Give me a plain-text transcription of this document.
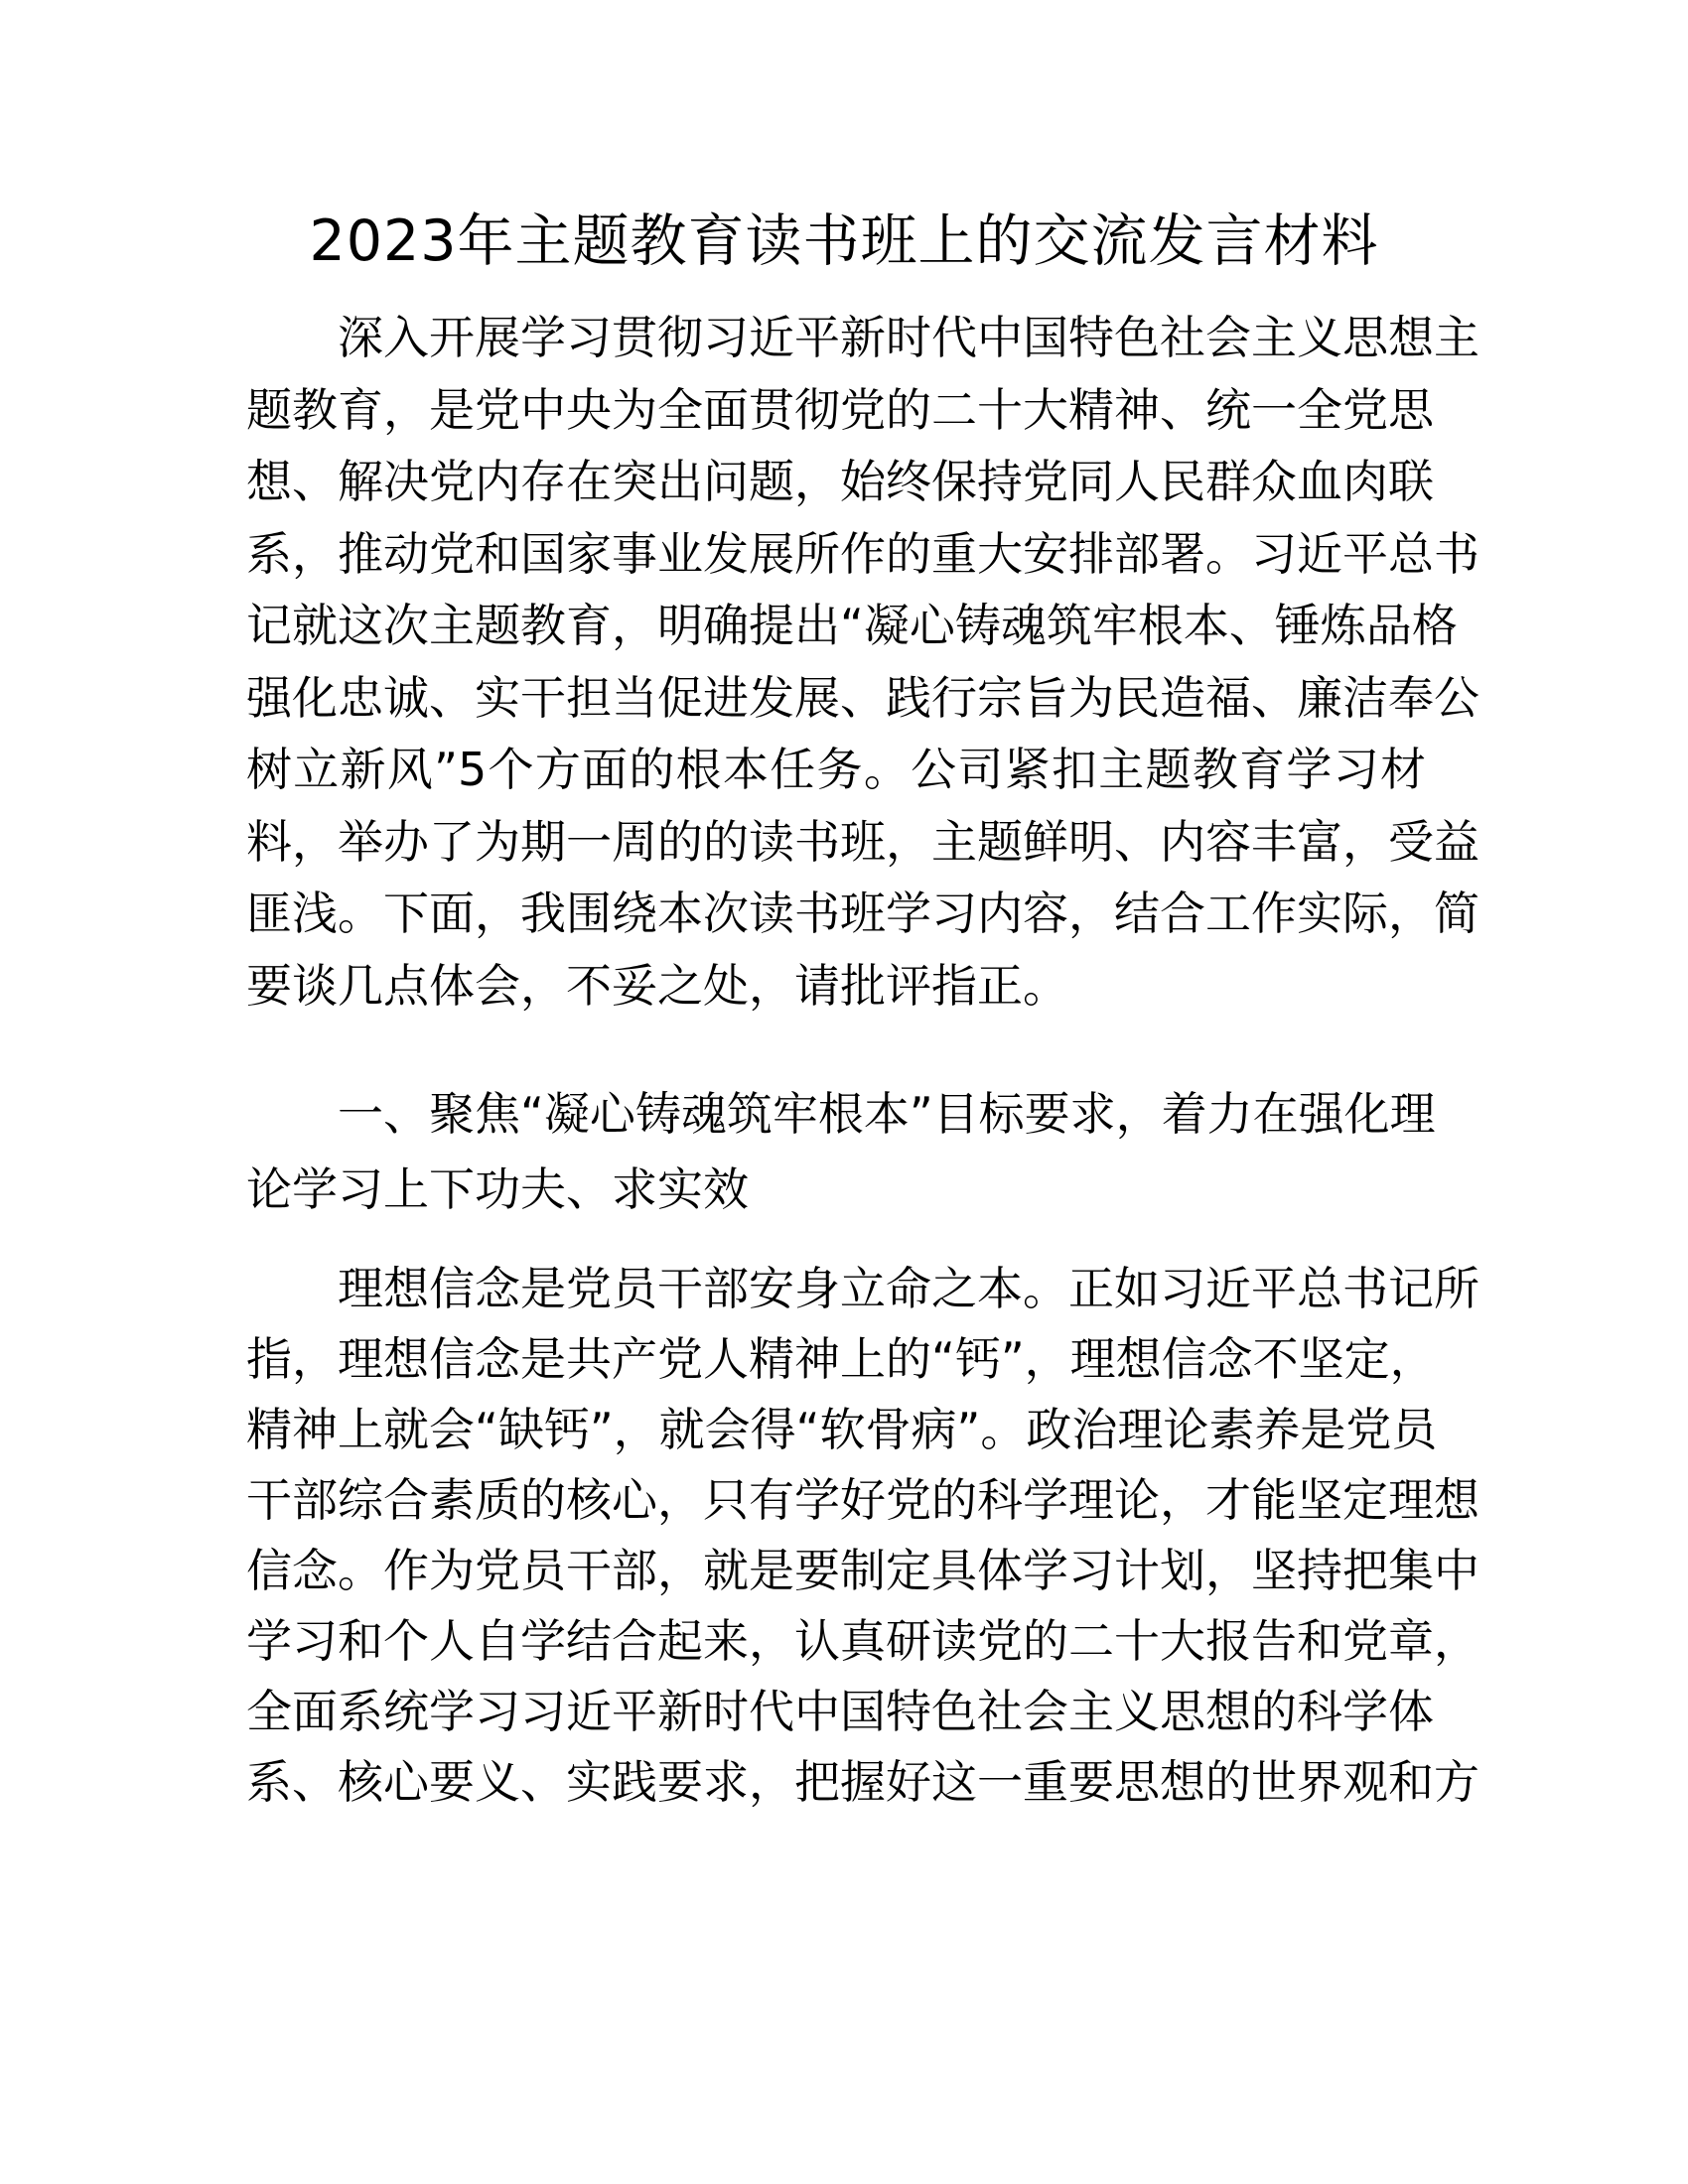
2023年主题教育读书班上的交流发言材料
深入开展学习贯彻习近平新时代中国特色社会主义思想主
题教育，是党中央为全面贯彻党的二十大精神、统一全党思
想、解决党内存在突出问题，始终保持党同人民群众血肉联
系，推动党和国家事业发展所作的重大安排部署。习近平总书
记就这次主题教育，明确提出“凝心铸魂筑牢根本、锤炼品格
强化忠诚、实干担当促进发展、践行宗旨为民造福、廉洁奉公
树立新风”5个方面的根本任务。公司紧扣主题教育学习材
料，举办了为期一周的的读书班，主题鲜明、内容丰富，受益
匪浅。下面，我围绕本次读书班学习内容，结合工作实际，简
要谈几点体会，不妥之处，请批评指正。
一、聚焦“凝心铸魂筑牢根本”目标要求，着力在强化理
论学习上下功夫、求实效
理想信念是党员干部安身立命之本。正如习近平总书记所
指，理想信念是共产党人精神上的“钙”，理想信念不坚定，
精神上就会“缺钙”，就会得“软骨病”。政治理论素养是党员
干部综合素质的核心，只有学好党的科学理论，才能坚定理想
信念。作为党员干部，就是要制定具体学习计划，坚持把集中
学习和个人自学结合起来，认真研读党的二十大报告和党章，
全面系统学习习近平新时代中国特色社会主义思想的科学体
系、核心要义、实践要求，把握好这一重要思想的世界观和方
